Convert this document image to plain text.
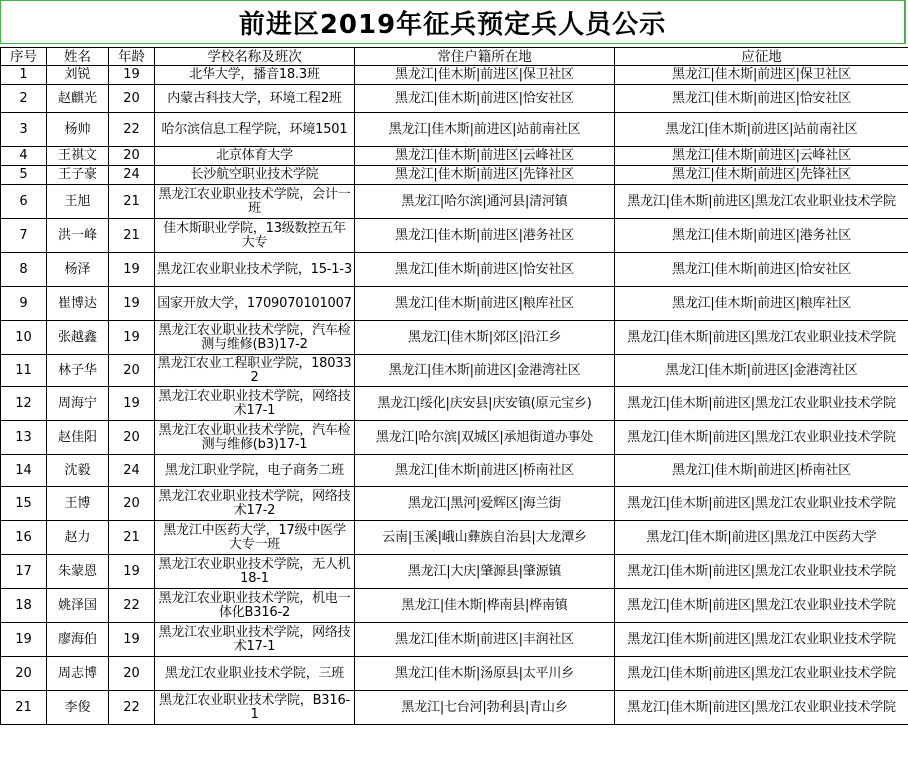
前进区2019年征兵预定兵人员公示
序号	姓名	年龄	学校名称及班次	常住户籍所在地	应征地
1	刘锐	19	北华大学，播音18.3班	黑龙江|佳木斯|前进区|保卫社区	黑龙江|佳木斯|前进区|保卫社区
2	赵麒光	20	内蒙古科技大学，环境工程2班	黑龙江|佳木斯|前进区|恰安社区	黑龙江|佳木斯|前进区|恰安社区
3	杨帅	22	哈尔滨信息工程学院，环境1501	黑龙江|佳木斯|前进区|站前南社区	黑龙江|佳木斯|前进区|站前南社区
4	王祺文	20	北京体育大学	黑龙江|佳木斯|前进区|云峰社区	黑龙江|佳木斯|前进区|云峰社区
5	王子豪	24	长沙航空职业技术学院	黑龙江|佳木斯|前进区|先锋社区	黑龙江|佳木斯|前进区|先锋社区
6	王旭	21	黑龙江农业职业技术学院，会计一班	黑龙江|哈尔滨|通河县|清河镇	黑龙江|佳木斯|前进区|黑龙江农业职业技术学院
7	洪一峰	21	佳木斯职业学院，13级数控五年大专	黑龙江|佳木斯|前进区|港务社区	黑龙江|佳木斯|前进区|港务社区
8	杨泽	19	黑龙江农业职业技术学院，15-1-3	黑龙江|佳木斯|前进区|恰安社区	黑龙江|佳木斯|前进区|恰安社区
9	崔博达	19	国家开放大学，1709070101007	黑龙江|佳木斯|前进区|粮库社区	黑龙江|佳木斯|前进区|粮库社区
10	张越鑫	19	黑龙江农业职业技术学院，汽车检测与维修(B3)17-2	黑龙江|佳木斯|郊区|沿江乡	黑龙江|佳木斯|前进区|黑龙江农业职业技术学院
11	林子华	20	黑龙江农业工程职业学院，180332	黑龙江|佳木斯|前进区|金港湾社区	黑龙江|佳木斯|前进区|金港湾社区
12	周海宁	19	黑龙江农业职业技术学院，网络技术17-1	黑龙江|绥化|庆安县|庆安镇(原元宝乡)	黑龙江|佳木斯|前进区|黑龙江农业职业技术学院
13	赵佳阳	20	黑龙江农业职业技术学院，汽车检测与维修(b3)17-1	黑龙江|哈尔滨|双城区|承旭街道办事处	黑龙江|佳木斯|前进区|黑龙江农业职业技术学院
14	沈毅	24	黑龙江职业学院，电子商务二班	黑龙江|佳木斯|前进区|桥南社区	黑龙江|佳木斯|前进区|桥南社区
15	王博	20	黑龙江农业职业技术学院，网络技术17-2	黑龙江|黑河|爱辉区|海兰街	黑龙江|佳木斯|前进区|黑龙江农业职业技术学院
16	赵力	21	黑龙江中医药大学，17级中医学大专一班	云南|玉溪|峨山彝族自治县|大龙潭乡	黑龙江|佳木斯|前进区|黑龙江中医药大学
17	朱蒙恩	19	黑龙江农业职业技术学院，无人机18-1	黑龙江|大庆|肇源县|肇源镇	黑龙江|佳木斯|前进区|黑龙江农业职业技术学院
18	姚泽国	22	黑龙江农业职业技术学院，机电一体化B316-2	黑龙江|佳木斯|桦南县|桦南镇	黑龙江|佳木斯|前进区|黑龙江农业职业技术学院
19	廖海伯	19	黑龙江农业职业技术学院，网络技术17-1	黑龙江|佳木斯|前进区|丰润社区	黑龙江|佳木斯|前进区|黑龙江农业职业技术学院
20	周志博	20	黑龙江农业职业技术学院，三班	黑龙江|佳木斯|汤原县|太平川乡	黑龙江|佳木斯|前进区|黑龙江农业职业技术学院
21	李俊	22	黑龙江农业职业技术学院，B316-1	黑龙江|七台河|勃利县|青山乡	黑龙江|佳木斯|前进区|黑龙江农业职业技术学院
